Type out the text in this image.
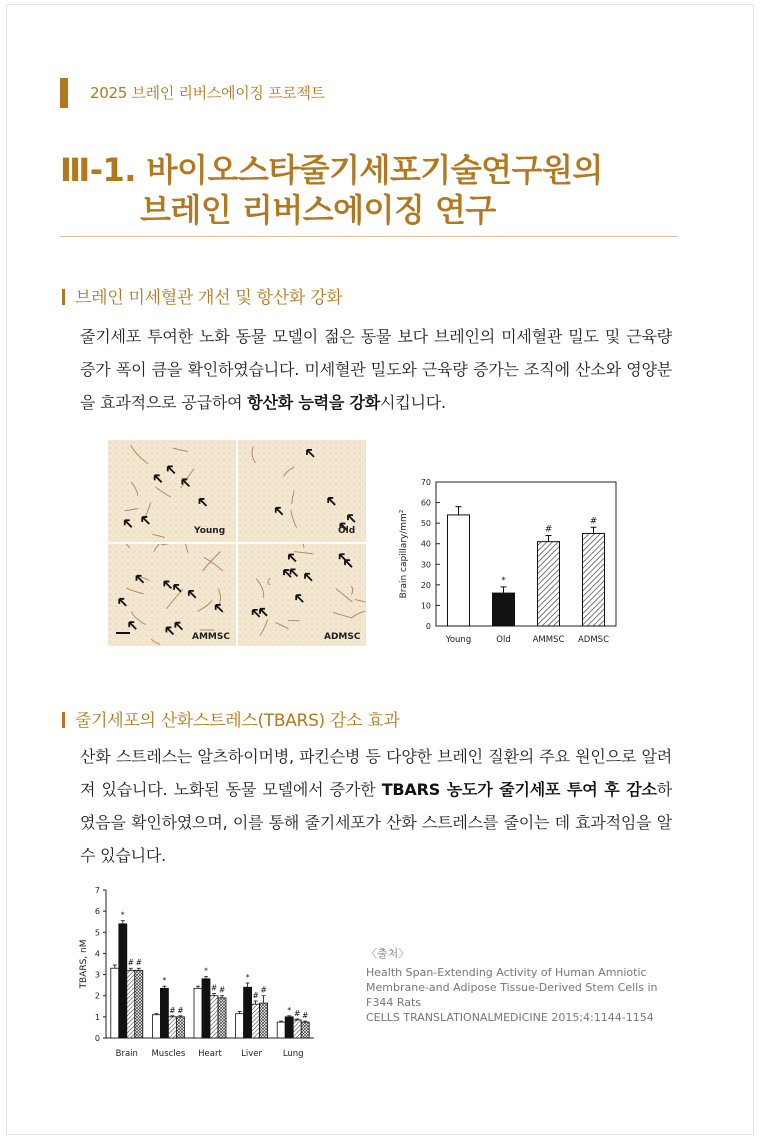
2025 브레인 리버스에이징 프로젝트
Ⅲ-1. 바이오스타줄기세포기술연구원의
브레인 리버스에이징 연구
브레인 미세혈관 개선 및 항산화 강화
줄기세포 투여한 노화 동물 모델이 젊은 동물 보다 브레인의 미세혈관 밀도 및 근육량 증가 폭이 큼을 확인하였습니다. 미세혈관 밀도와 근육량 증가는 조직에 산소와 영양분을 효과적으로 공급하여 항산화 능력을 강화시킵니다.
Young	Old
AMMSC	ADMSC
0
10
20
30
40
50
60
70
Brain capillary/mm²
Young
*
Old
#
AMMSC
#
ADMSC
줄기세포의 산화스트레스(TBARS) 감소 효과
산화 스트레스는 알츠하이머병, 파킨슨병 등 다양한 브레인 질환의 주요 원인으로 알려져 있습니다. 노화된 동물 모델에서 증가한 TBARS 농도가 줄기세포 투여 후 감소하였음을 확인하였으며, 이를 통해 줄기세포가 산화 스트레스를 줄이는 데 효과적임을 알 수 있습니다.
0
1
2
3
4
5
6
7
TBARS, nM
*
# #
Brain
*
# #
Muscles
*
# #
Heart
*
#
#
Liver
* # #
Lung
〈출처〉
Health Span-Extending Activity of Human Amniotic Membrane-and Adipose Tissue-Derived Stem Cells in F344 Rats
CELLS TRANSLATIONALMEDICINE 2015;4:1144-1154
